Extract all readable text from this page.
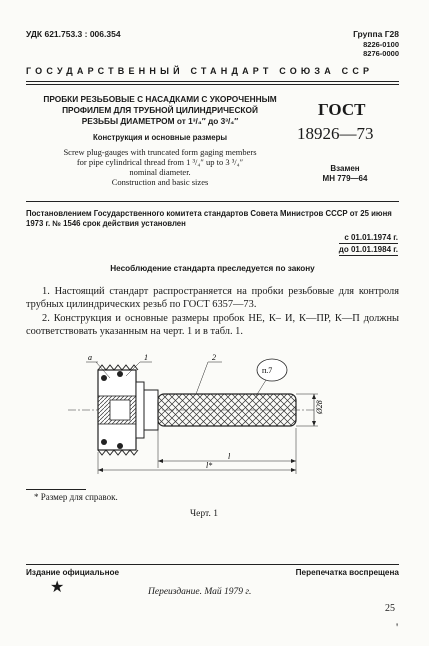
УДК 621.753.3 : 006.354	Группа Г28
8226-0100
8276-0000
ГОСУДАРСТВЕННЫЙ СТАНДАРТ СОЮЗА ССР
ПРОБКИ РЕЗЬБОВЫЕ С НАСАДКАМИ С УКОРОЧЕННЫМ
ПРОФИЛЕМ ДЛЯ ТРУБНОЙ ЦИЛИНДРИЧЕСКОЙ
РЕЗЬБЫ ДИАМЕТРОМ от 1³/₄″ до 3³/₄″
Конструкция и основные размеры
ГОСТ
18926—73
Screw plug-gauges with truncated form gaging members
for pipe cylindrical thread from 1 ³/₄″ up to 3 ³/₄″
nominal diameter.
Construction and basic sizes
Взамен
МН 779—64
Постановлением Государственного комитета стандартов Совета Министров СССР от 25 июня 1973 г. № 1546 срок действия установлен
с 01.01.1974 г.
до 01.01.1984 г.
Несоблюдение стандарта преследуется по закону
1. Настоящий стандарт распространяется на пробки резьбовые для контроля трубных цилиндрических резьб по ГОСТ 6357—73.
2. Конструкция и основные размеры пробок НЕ, К– И, К—ПР, К—П должны соответствовать указанным на черт. 1 и в табл. 1.
Ø28
l
l*
a	1	2
п.7
* Размер для справок.
Черт. 1
Издание официальное	Перепечатка воспрещена
★	Переиздание. Май 1979 г.
25
'
